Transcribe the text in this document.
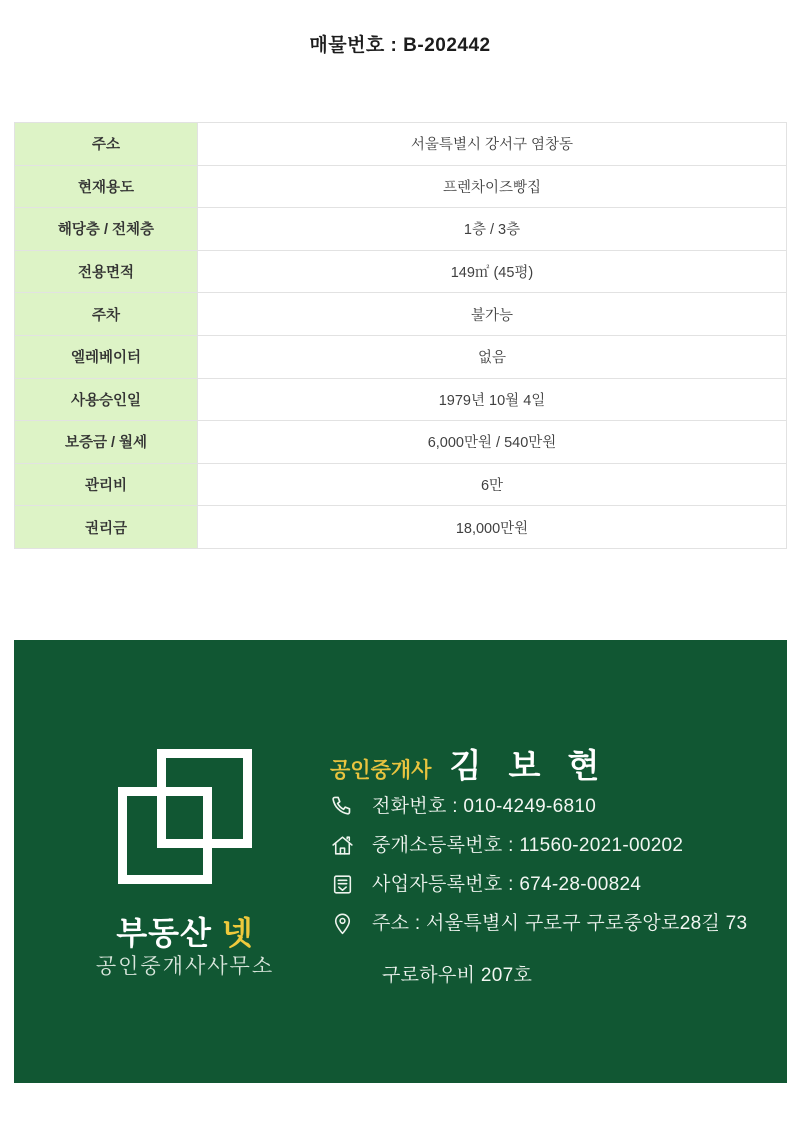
매물번호 : B-202442
주소	서울특별시 강서구 염창동
현재용도	프렌차이즈빵집
해당층 / 전체층	1층 / 3층
전용면적	149㎡ (45평)
주차	불가능
엘레베이터	없음
사용승인일	1979년 10월 4일
보증금 / 월세	6,000만원 / 540만원
관리비	6만
권리금	18,000만원
부동산 넷
공인중개사사무소
공인중개사 김 보 현
전화번호 : 010-4249-6810
중개소등록번호 : 11560-2021-00202
사업자등록번호 : 674-28-00824
주소 : 서울특별시 구로구 구로중앙로28길 73
구로하우비 207호
